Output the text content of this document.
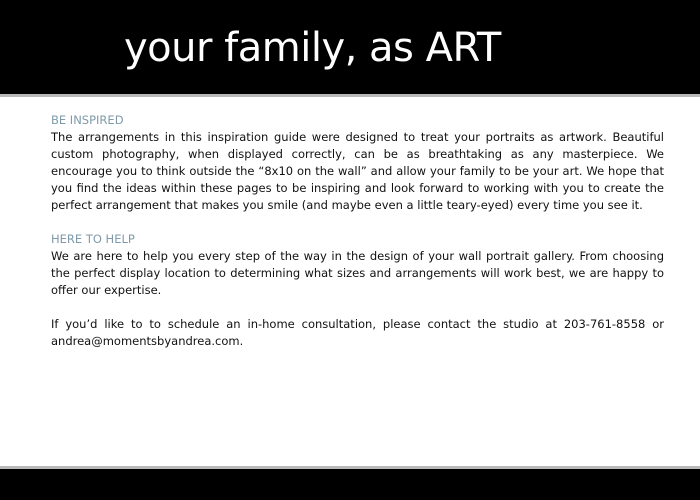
your family, as ART
BE INSPIRED

The arrangements in this inspiration guide were designed to treat your portraits as artwork. Beautiful custom photography, when displayed correctly, can be as breathtaking as any masterpiece. We encourage you to think outside the “8x10 on the wall” and allow your family to be your art. We hope that you find the ideas within these pages to be inspiring and look forward to working with you to create the perfect arrangement that makes you smile (and maybe even a little teary-eyed) every time you see it.

HERE TO HELP

We are here to help you every step of the way in the design of your wall portrait gallery. From choosing the perfect display location to determining what sizes and arrangements will work best, we are happy to offer our expertise.

If you’d like to to schedule an in-home consultation, please contact the studio at 203-761-8558 or andrea@momentsbyandrea.com.
